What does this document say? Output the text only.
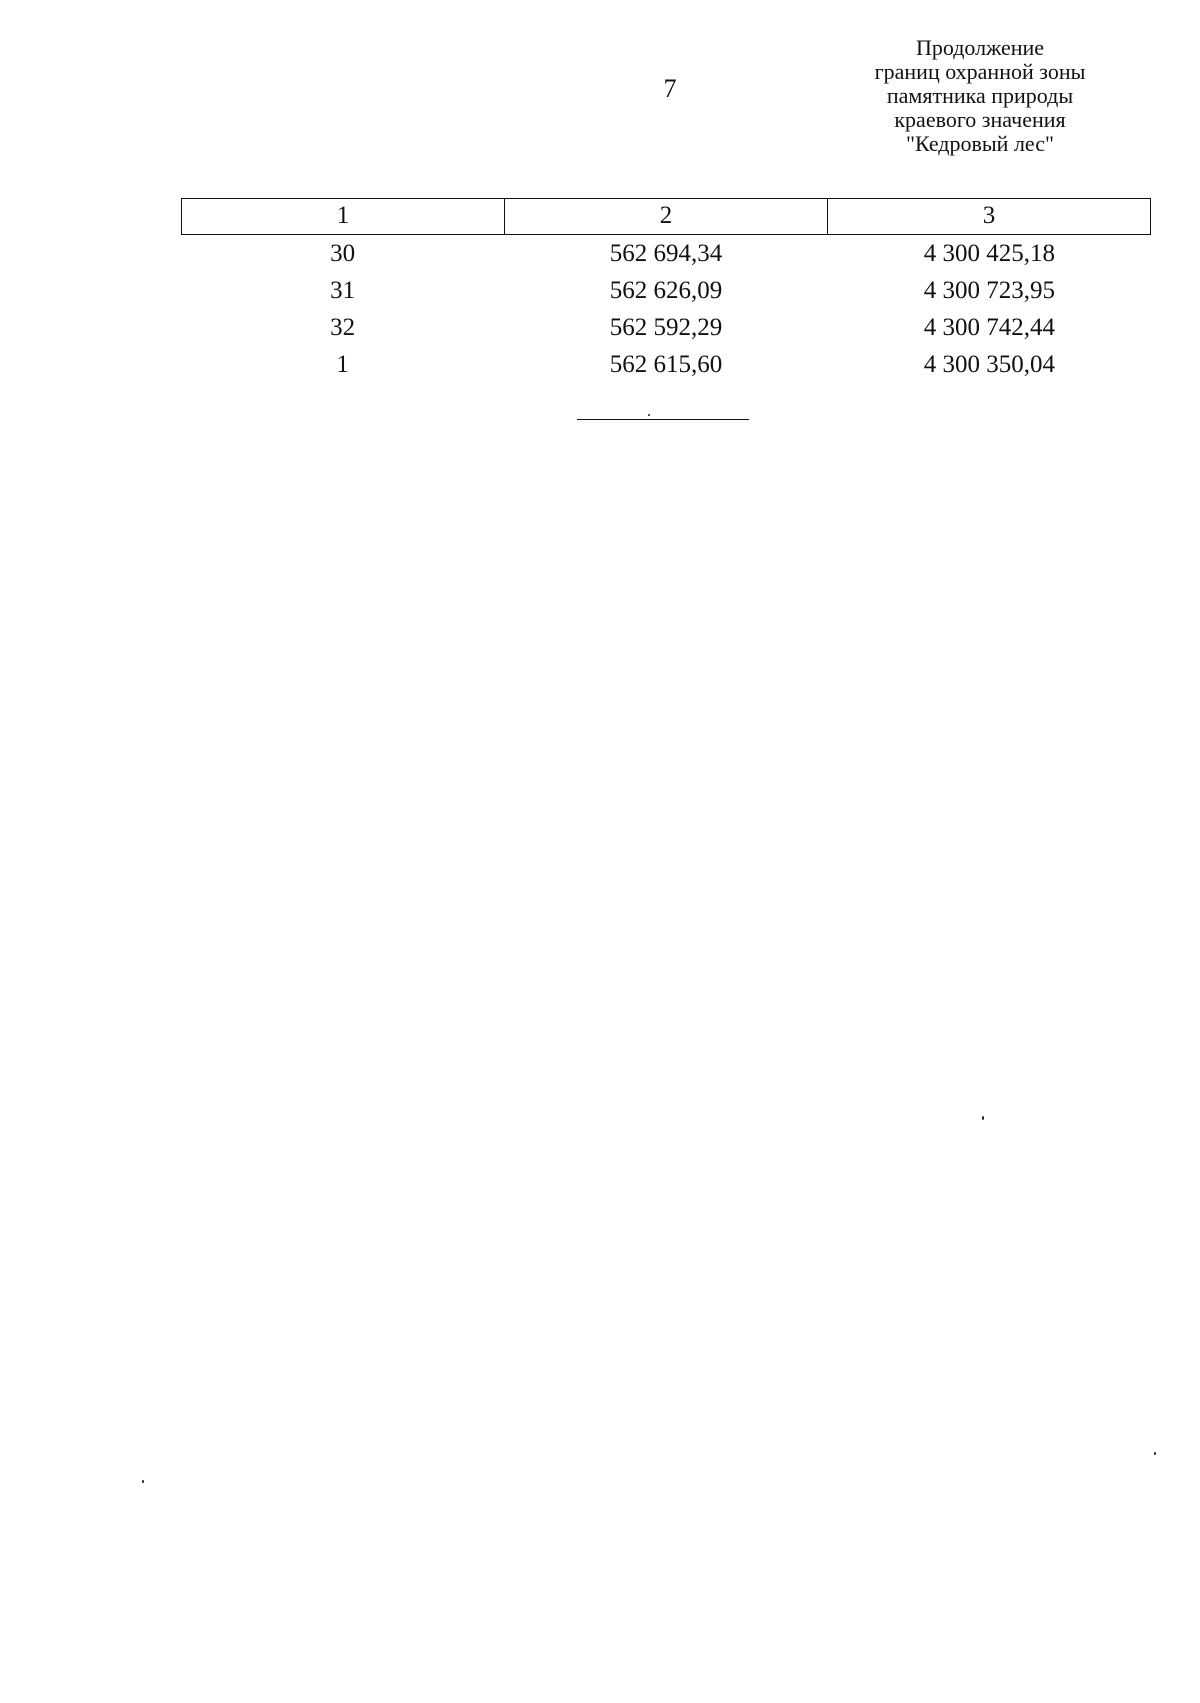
7
Продолжение
границ охранной зоны
памятника природы
краевого значения
"Кедровый лес"
1	2	3
30	562 694,34	4 300 425,18
31	562 626,09	4 300 723,95
32	562 592,29	4 300 742,44
1	562 615,60	4 300 350,04
